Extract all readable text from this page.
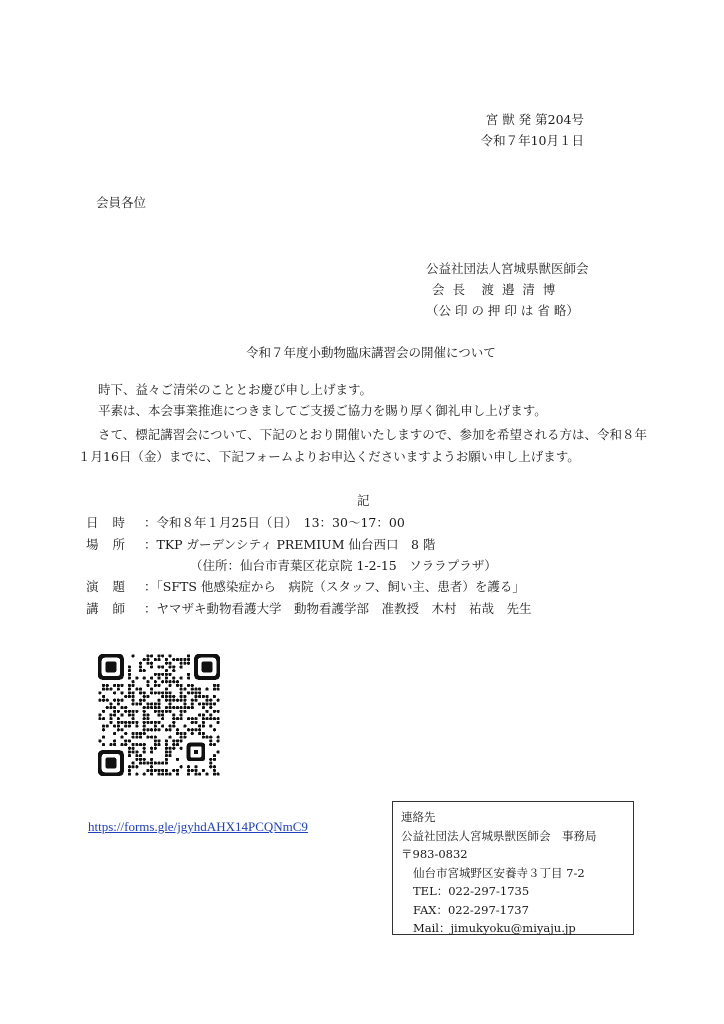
宮 獣 発 第204号
令和７年10月１日
会員各位
公益社団法人宮城県獣医師会
会 長　渡 邉 清 博
（公 印 の 押 印 は 省 略）
令和７年度小動物臨床講習会の開催について
時下、益々ご清栄のこととお慶び申し上げます。
平素は、本会事業推進につきましてご支援ご協力を賜り厚く御礼申し上げます。
さて、標記講習会について、下記のとおり開催いたしますので、参加を希望される方は、令和８年１月16日（金）までに、下記フォームよりお申込くださいますようお願い申し上げます。
記
日時 ：令和８年１月25日（日）　13：30〜17：00
場所 ：TKP ガーデンシティ PREMIUM 仙台西口　8 階
（住所：仙台市青葉区花京院 1-2-15　ソララプラザ）
演題 ：「SFTS 他感染症から　病院（スタッフ、飼い主、患者）を護る」
講師 ：ヤマザキ動物看護大学　動物看護学部　准教授　木村　祐哉　先生
https://forms.gle/jgyhdAHX14PCQNmC9
連絡先
公益社団法人宮城県獣医師会　事務局
〒983-0832
仙台市宮城野区安養寺３丁目 7-2
TEL：022-297-1735
FAX：022-297-1737
Mail：jimukyoku@miyaju.jp
